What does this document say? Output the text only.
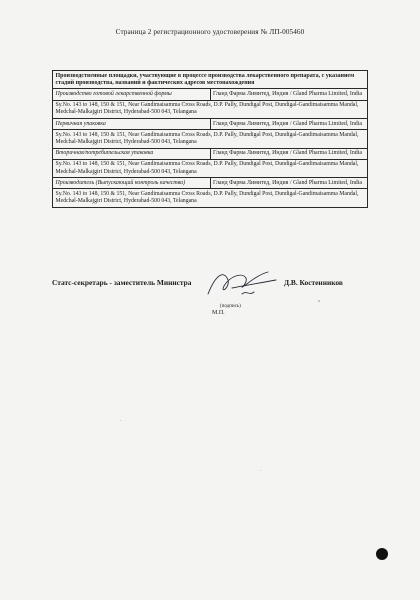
Страница 2 регистрационного удостоверения № ЛП-005460
Производственные площадки, участвующие в процессе производства лекарственного препарата, с указанием стадий производства, названий и фактических адресов местонахождения	
Производство готовой лекарственной формы	Гланд Фарма Лимитед, Индия / Gland Pharma Limited, India
Sy.No. 143 to 148, 150 & 151, Near Gandimaisamma Cross Roads, D.P. Pally, Dundigal Post, Dundigal-Gandimaisamma Mandal, Medchal-Malkajgiri District, Hyderabad-500 043, Telangana	
Первичная упаковка	Гланд Фарма Лимитед, Индия / Gland Pharma Limited, India
Sy.No. 143 to 148, 150 & 151, Near Gandimaisamma Cross Roads, D.P. Pally, Dundigal Post, Dundigal-Gandimaisamma Mandal, Medchal-Malkajgiri District, Hyderabad-500 043, Telangana	
Вторичная/потребительская упаковка	Гланд Фарма Лимитед, Индия / Gland Pharma Limited, India
Sy.No. 143 to 148, 150 & 151, Near Gandimaisamma Cross Roads, D.P. Pally, Dundigal Post, Dundigal-Gandimaisamma Mandal, Medchal-Malkajgiri District, Hyderabad-500 043, Telangana	
Производитель (Выпускающий контроль качества)	Гланд Фарма Лимитед, Индия / Gland Pharma Limited, India
Sy.No. 143 to 148, 150 & 151, Near Gandimaisamma Cross Roads, D.P. Pally, Dundigal Post, Dundigal-Gandimaisamma Mandal, Medchal-Malkajgiri District, Hyderabad-500 043, Telangana	
Статс-секретарь - заместитель Министра	Д.В. Костенников
(подпись)
М.П.
